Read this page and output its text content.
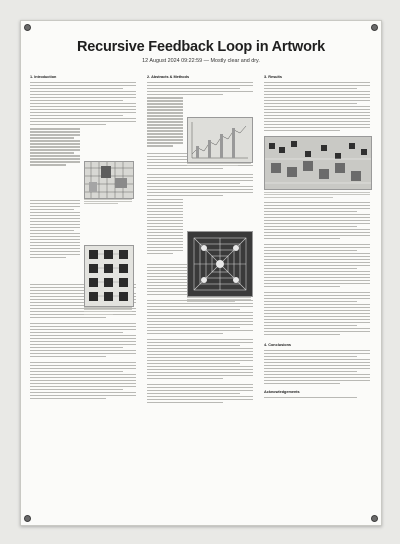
Recursive Feedback Loop in Artwork
12 August 2024 09:22:59 — Mostly clear and dry.
1. Introduction	2. Abstracts & Methods	3. Results
4. Conclusions
Acknowledgements
